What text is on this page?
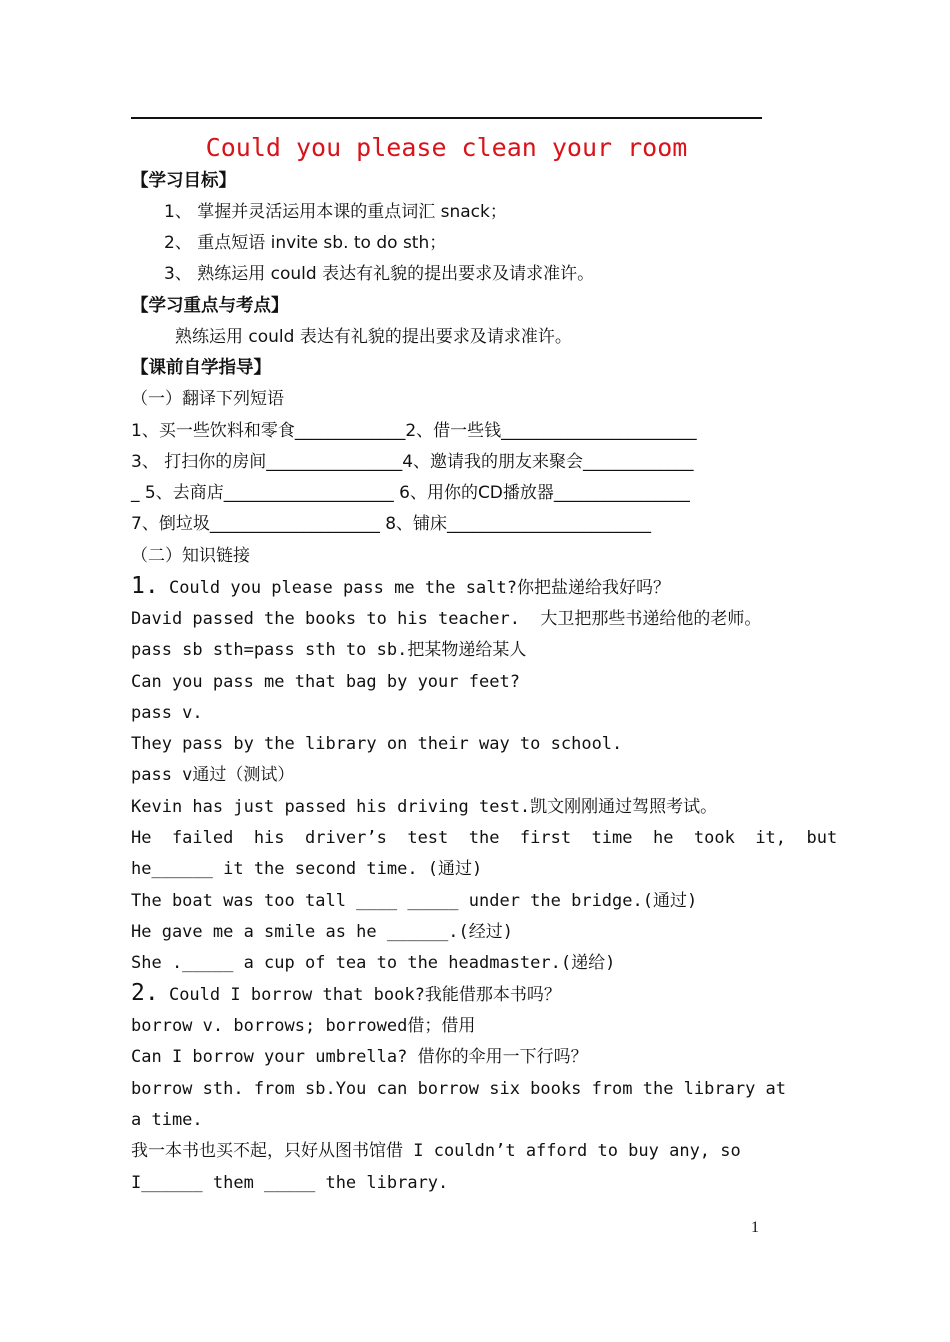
Could you please clean your room
【学习目标】
1、 掌握并灵活运用本课的重点词汇 snack；
2、 重点短语 invite sb. to do sth；
3、 熟练运用 could 表达有礼貌的提出要求及请求准许。
【学习重点与考点】
熟练运用 could 表达有礼貌的提出要求及请求准许。
【课前自学指导】
（一）翻译下列短语
1、买一些饮料和零食_____________2、借一些钱_______________________
3、 打扫你的房间________________4、邀请我的朋友来聚会_____________
_ 5、去商店____________________ 6、用你的CD播放器________________
7、倒垃圾____________________ 8、铺床________________________
（二）知识链接
1. Could you please pass me the salt?你把盐递给我好吗？
David passed the books to his teacher.  大卫把那些书递给他的老师。
pass sb sth=pass sth to sb.把某物递给某人
Can you pass me that bag by your feet?
pass v.
They pass by the library on their way to school.
pass v通过（测试）
Kevin has just passed his driving test.凯文刚刚通过驾照考试。
He  failed  his  driver’s  test  the  first  time  he  took  it,  but
he______ it the second time. (通过)
The boat was too tall ____ _____ under the bridge.(通过)
He gave me a smile as he ______.(经过)
She ._____ a cup of tea to the headmaster.(递给)
2. Could I borrow that book?我能借那本书吗？
borrow v. borrows; borrowed借；借用
Can I borrow your umbrella? 借你的伞用一下行吗？
borrow sth. from sb.You can borrow six books from the library at
a time.
我一本书也买不起，只好从图书馆借 I couldn’t afford to buy any, so
I______ them _____ the library.
1
